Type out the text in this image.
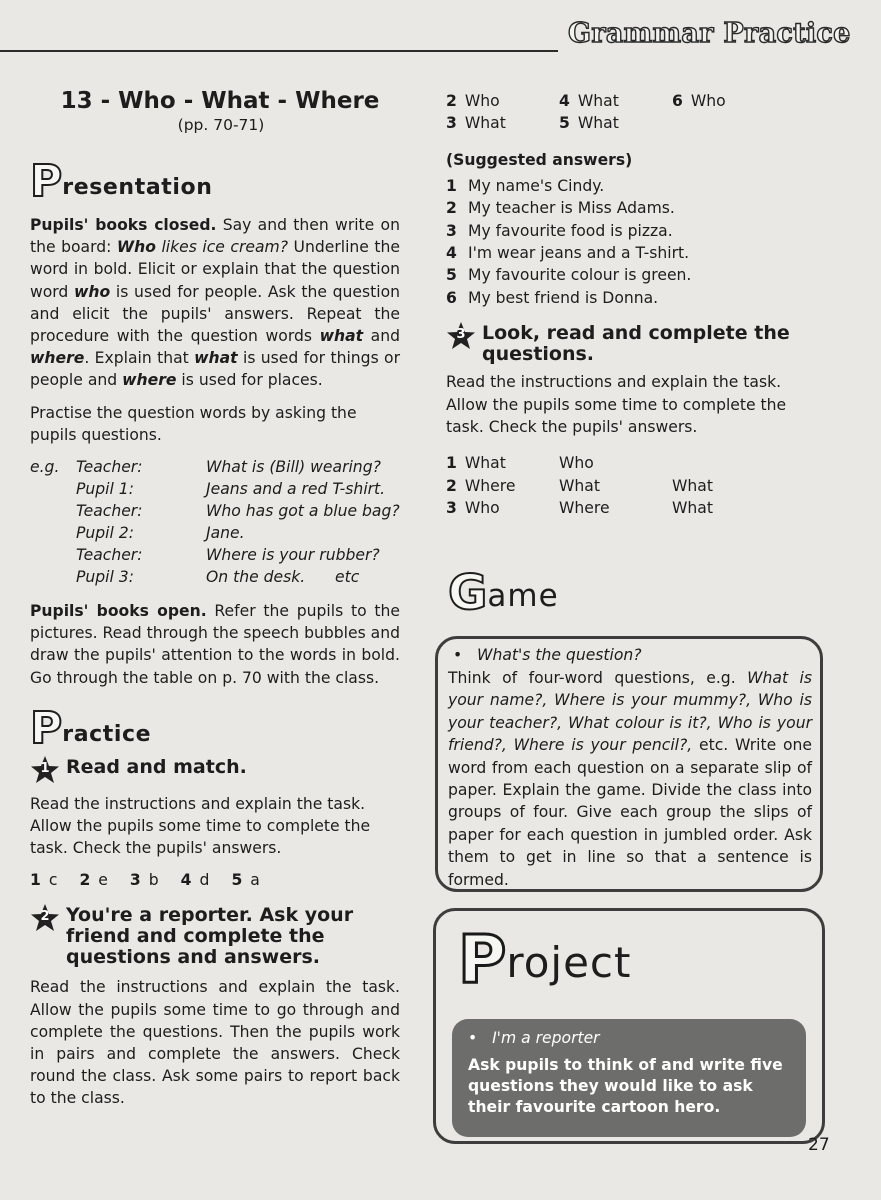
Grammar Practice
13 - Who - What - Where
(pp. 70-71)
P resentation

Pupils' books closed. Say and then write on the board: Who likes ice cream? Underline the word in bold. Elicit or explain that the question word who is used for people. Ask the question and elicit the pupils' answers. Repeat the procedure with the question words what and where. Explain that what is used for things or people and where is used for places.

Practise the question words by asking the pupils questions.

e.g.	Teacher:	What is (Bill) wearing?
Pupil 1:	Jeans and a red T-shirt.
Teacher:	Who has got a blue bag?
Pupil 2:	Jane.
Teacher:	Where is your rubber?
Pupil 3:	On the desk.      etc

Pupils' books open. Refer the pupils to the pictures. Read through the speech bubbles and draw the pupils' attention to the words in bold. Go through the table on p. 70 with the class.

P ractice
1 Read and match.

Read the instructions and explain the task. Allow the pupils some time to complete the task. Check the pupils' answers.

1 c 2 e 3 b 4 d 5 a
2 You're a reporter. Ask your friend and complete the questions and answers.

Read the instructions and explain the task. Allow the pupils some time to go through and complete the questions. Then the pupils work in pairs and complete the answers. Check round the class. Ask some pairs to report back to the class.

2 Who	4 What	6 Who
3 What	5 What
(Suggested answers)
1 My name's Cindy.
2 My teacher is Miss Adams.
3 My favourite food is pizza.
4 I'm wear jeans and a T-shirt.
5 My favourite colour is green.
6 My best friend is Donna.
3 Look, read and complete the questions.

Read the instructions and explain the task. Allow the pupils some time to complete the task. Check the pupils' answers.

1 What	Who
2 Where	What	What
3 Who	Where	What
G ame
•   What's the question?

Think of four-word questions, e.g. What is your name?, Where is your mummy?, Who is your teacher?, What colour is it?, Who is your friend?, Where is your pencil?, etc. Write one word from each question on a separate slip of paper. Explain the game. Divide the class into groups of four. Give each group the slips of paper for each question in jumbled order. Ask them to get in line so that a sentence is formed.

P roject
•   I'm a reporter
Ask pupils to think of and write five questions they would like to ask their favourite cartoon hero.
27
